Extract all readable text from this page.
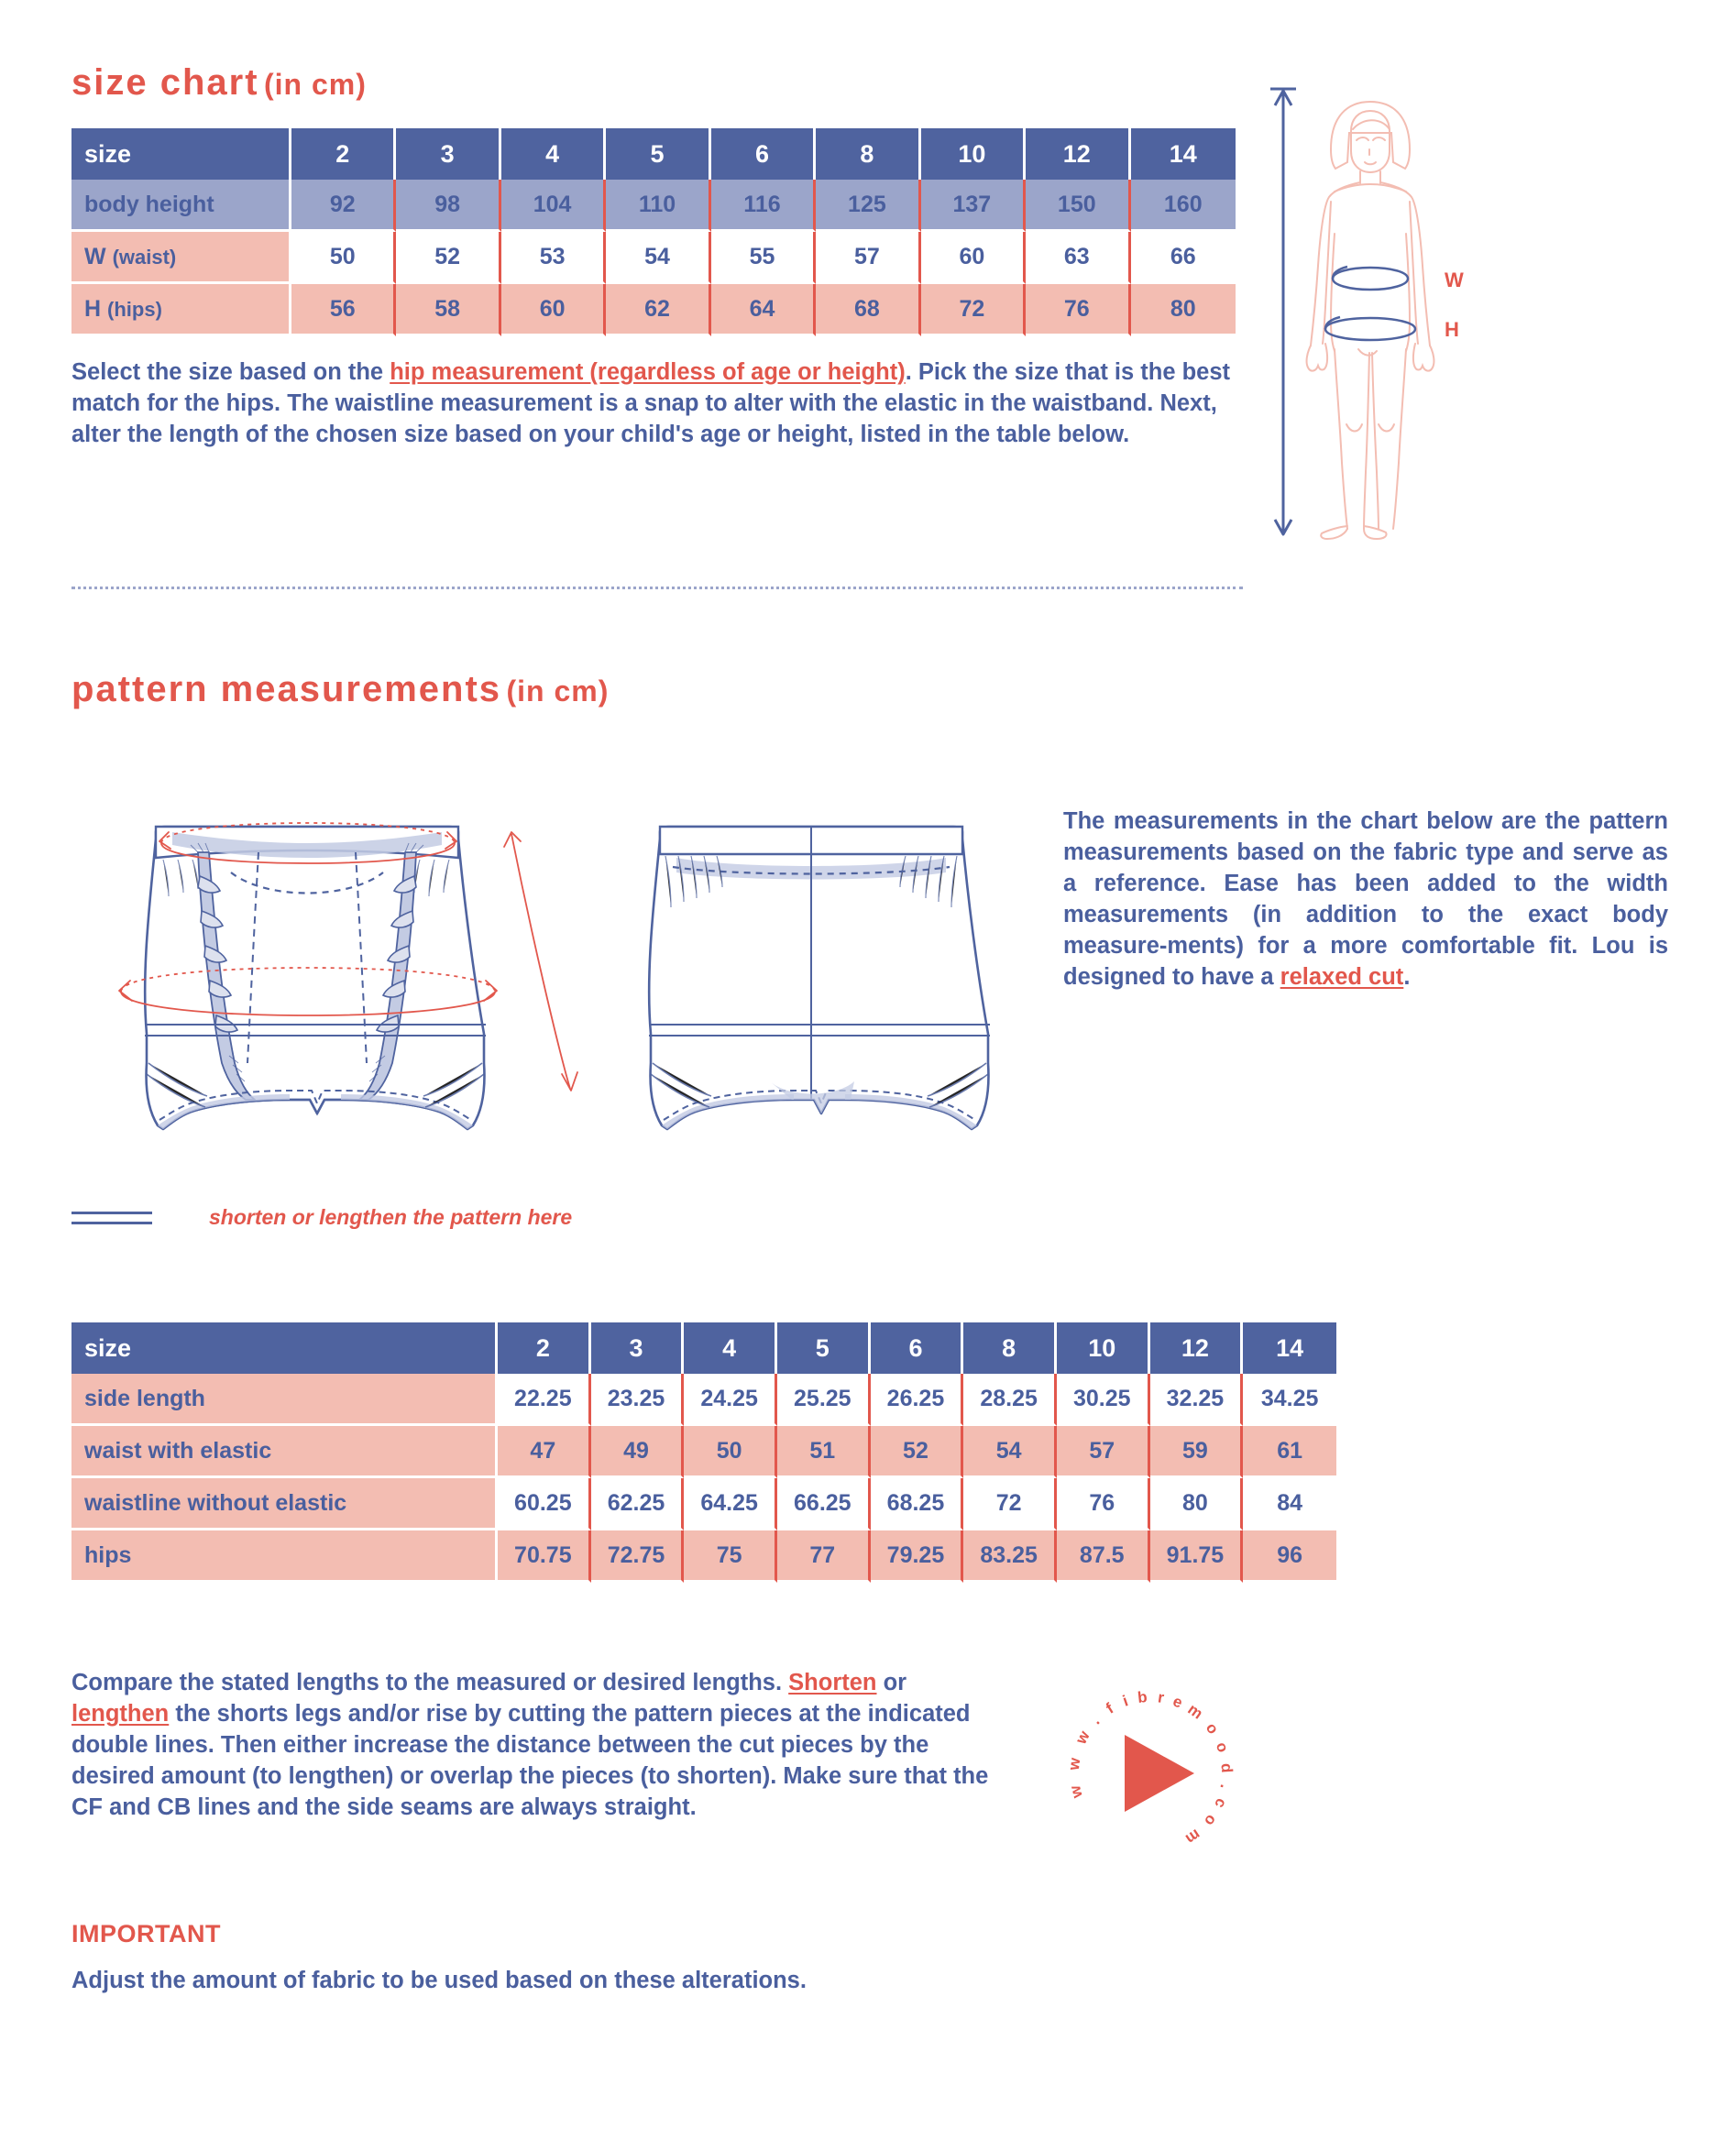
size chart (in cm)
size	2	3	4	5	6	8	10	12	14
body height	92	98	104	110	116	125	137	150	160
W (waist)	50	52	53	54	55	57	60	63	66
H (hips)	56	58	60	62	64	68	72	76	80
Select the size based on the hip measurement (regardless of age or height). Pick the size that is the best match for the hips. The waistline measurement is a snap to alter with the elastic in the waistband. Next, alter the length of the chosen size based on your child's age or height, listed in the table below.
W
H
pattern measurements (in cm)
The measurements in the chart below are the pattern measurements based on the fabric type and serve as a reference. Ease has been added to the width measurements (in addition to the exact body measure-ments) for a more comfortable fit. Lou is designed to have a relaxed cut.
shorten or lengthen the pattern here
size	2	3	4	5	6	8	10	12	14
side length	22.25	23.25	24.25	25.25	26.25	28.25	30.25	32.25	34.25
waist with elastic	47	49	50	51	52	54	57	59	61
waistline without elastic	60.25	62.25	64.25	66.25	68.25	72	76	80	84
hips	70.75	72.75	75	77	79.25	83.25	87.5	91.75	96
Compare the stated lengths to the measured or desired lengths. Shorten or lengthen the shorts legs and/or rise by cutting the pattern pieces at the indicated double lines. Then either increase the distance between the cut pieces by the desired amount (to lengthen) or overlap the pieces (to shorten). Make sure that the CF and CB lines and the side seams are always straight.
w
w
w
.
f i b r e m
o
o
d
.
c
o
m
IMPORTANT
Adjust the amount of fabric to be used based on these alterations.
